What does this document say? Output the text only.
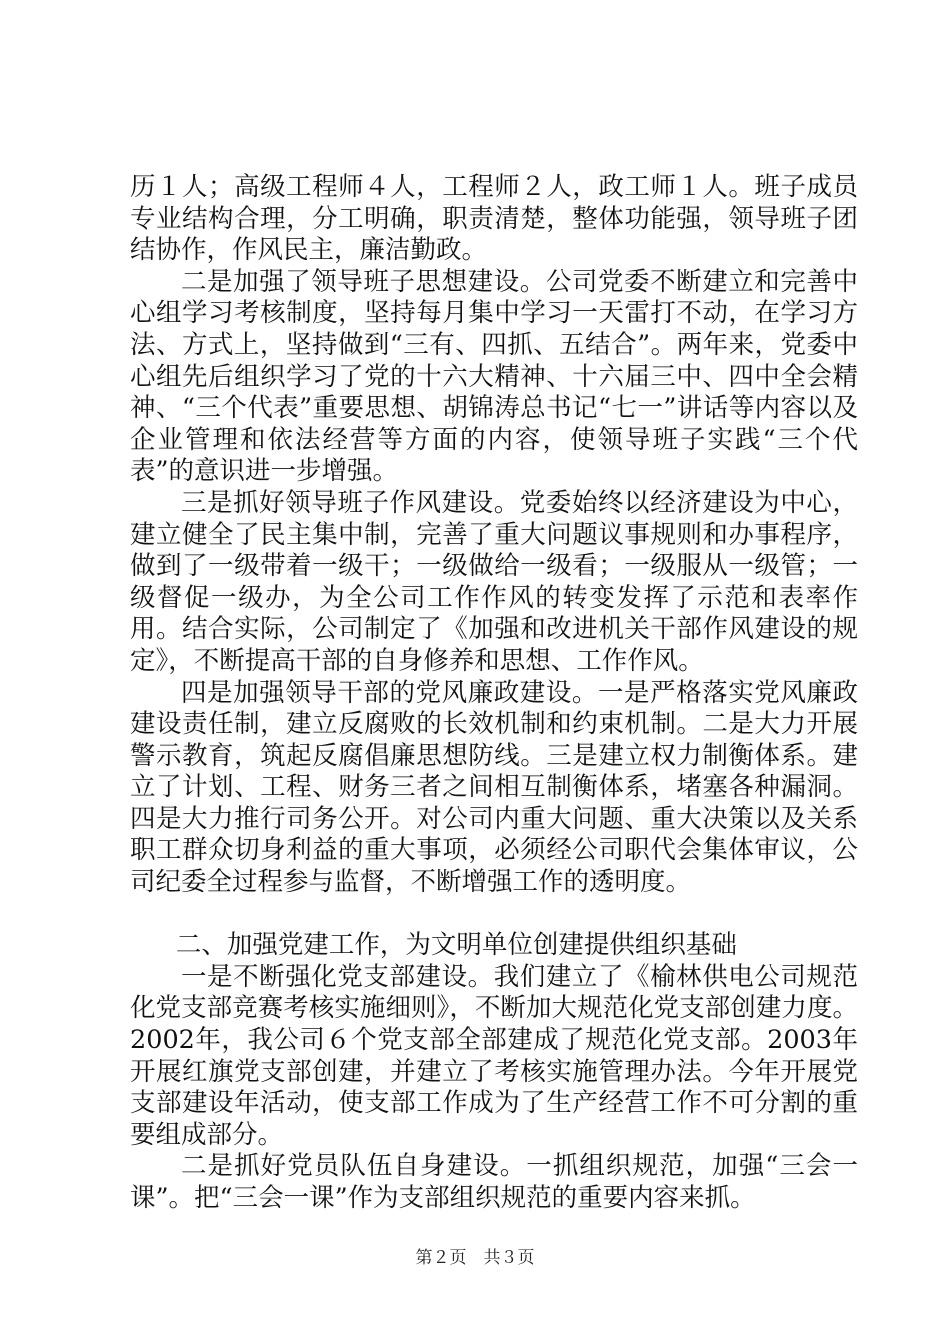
历１人；高级工程师４人，工程师２人，政工师１人。班子成员专业结构合理，分工明确，职责清楚，整体功能强，领导班子团结协作，作风民主，廉洁勤政。

二是加强了领导班子思想建设。公司党委不断建立和完善中心组学习考核制度，坚持每月集中学习一天雷打不动，在学习方法、方式上，坚持做到“三有、四抓、五结合”。两年来，党委中心组先后组织学习了党的十六大精神、十六届三中、四中全会精神、“三个代表”重要思想、胡锦涛总书记“七一”讲话等内容以及企业管理和依法经营等方面的内容，使领导班子实践“三个代表”的意识进一步增强。

三是抓好领导班子作风建设。党委始终以经济建设为中心，建立健全了民主集中制，完善了重大问题议事规则和办事程序，做到了一级带着一级干；一级做给一级看；一级服从一级管；一级督促一级办，为全公司工作作风的转变发挥了示范和表率作用。结合实际，公司制定了《加强和改进机关干部作风建设的规定》，不断提高干部的自身修养和思想、工作作风。

四是加强领导干部的党风廉政建设。一是严格落实党风廉政建设责任制，建立反腐败的长效机制和约束机制。二是大力开展警示教育，筑起反腐倡廉思想防线。三是建立权力制衡体系。建立了计划、工程、财务三者之间相互制衡体系，堵塞各种漏洞。四是大力推行司务公开。对公司内重大问题、重大决策以及关系职工群众切身利益的重大事项，必须经公司职代会集体审议，公司纪委全过程参与监督，不断增强工作的透明度。

二、加强党建工作，为文明单位创建提供组织基础

一是不断强化党支部建设。我们建立了《榆林供电公司规范化党支部竞赛考核实施细则》，不断加大规范化党支部创建力度。2002年，我公司６个党支部全部建成了规范化党支部。2003年开展红旗党支部创建，并建立了考核实施管理办法。今年开展党支部建设年活动，使支部工作成为了生产经营工作不可分割的重要组成部分。

二是抓好党员队伍自身建设。一抓组织规范，加强“三会一课”。把“三会一课”作为支部组织规范的重要内容来抓。

第２页　共３页
